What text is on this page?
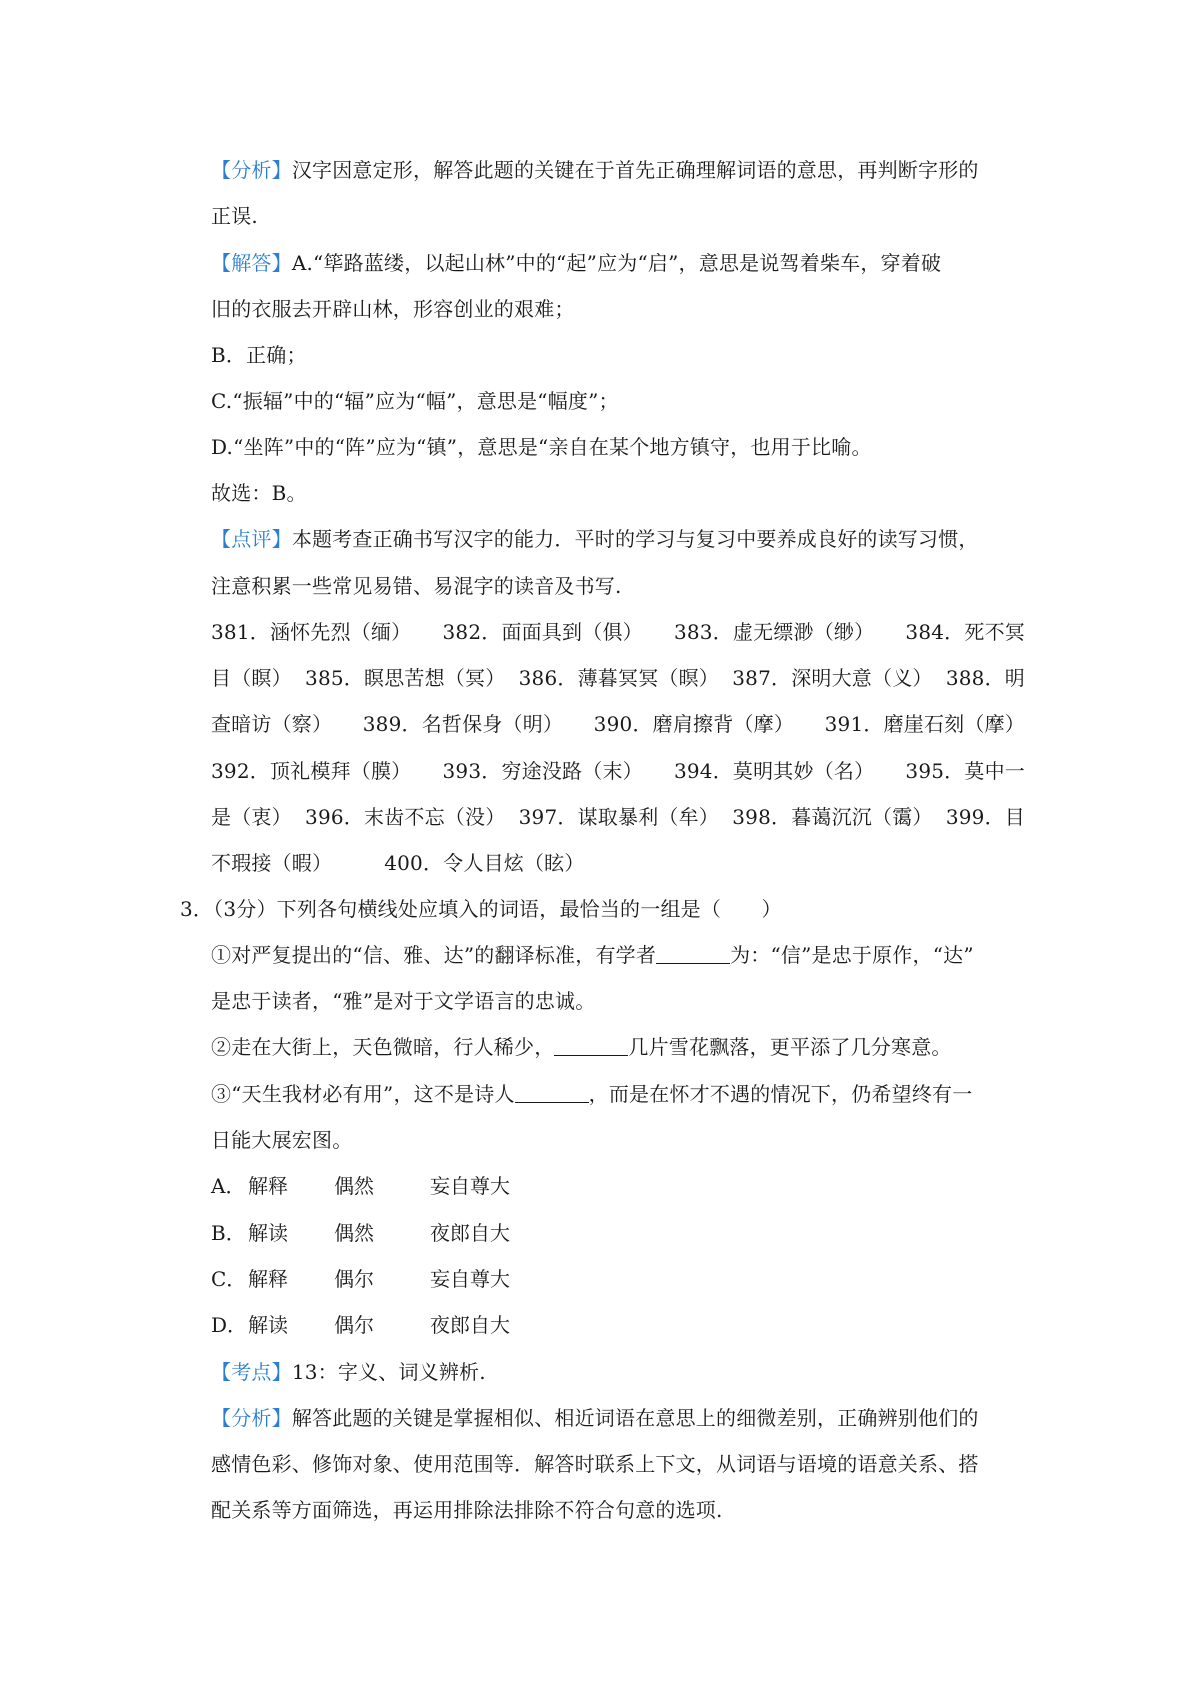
【分析】汉字因意定形，解答此题的关键在于首先正确理解词语的意思，再判断字形的
正误.
【解答】A.“筚路蓝缕，以起山林”中的“起”应为“启”，意思是说驾着柴车，穿着破
旧的衣服去开辟山林，形容创业的艰难；
B．正确；
C.“振辐”中的“辐”应为“幅”，意思是“幅度”；
D.“坐阵”中的“阵”应为“镇”，意思是“亲自在某个地方镇守，也用于比喻。
故选：B。
【点评】本题考查正确书写汉字的能力．平时的学习与复习中要养成良好的读写习惯，
注意积累一些常见易错、易混字的读音及书写.
381．涵怀先烈（缅） 382．面面具到（俱） 383．虚无缥渺（缈） 384．死不冥
目（瞑） 385．瞑思苦想（冥） 386．薄暮冥冥（暝） 387．深明大意（义） 388．明
查暗访（察） 389．名哲保身（明） 390．磨肩擦背（摩） 391．磨崖石刻（摩）
392．顶礼模拜（膜） 393．穷途没路（末） 394．莫明其妙（名） 395．莫中一
是（衷） 396．末齿不忘（没） 397．谋取暴利（牟） 398．暮蔼沉沉（霭） 399．目
不瑕接（暇）	400．令人目炫（眩）
3．（3分）下列各句横线处应填入的词语，最恰当的一组是（　　）
①对严复提出的“信、雅、达”的翻译标准，有学者	为：“信”是忠于原作，“达”
是忠于读者，“雅”是对于文学语言的忠诚。
②走在大街上，天色微暗，行人稀少，	几片雪花飘落，更平添了几分寒意。
③“天生我材必有用”，这不是诗人	，而是在怀才不遇的情况下，仍希望终有一
日能大展宏图。
A． 解释 偶然	妄自尊大
B． 解读 偶然	夜郎自大
C． 解释 偶尔	妄自尊大
D． 解读 偶尔	夜郎自大
【考点】13：字义、词义辨析.
【分析】解答此题的关键是掌握相似、相近词语在意思上的细微差别，正确辨别他们的
感情色彩、修饰对象、使用范围等．解答时联系上下文，从词语与语境的语意关系、搭
配关系等方面筛选，再运用排除法排除不符合句意的选项.
